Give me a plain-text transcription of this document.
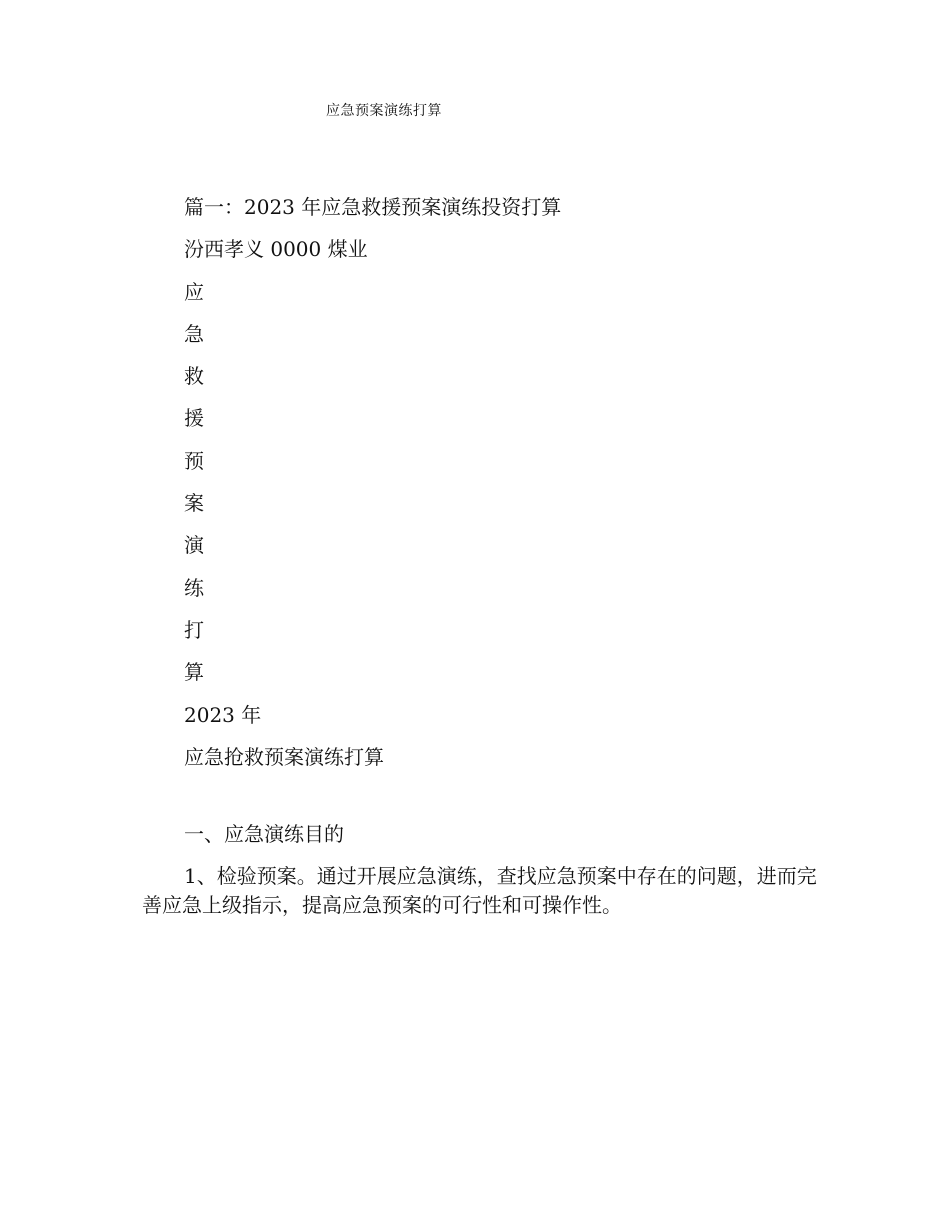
应急预案演练打算
篇一：2023 年应急救援预案演练投资打算
汾西孝义 0000 煤业
应
急
救
援
预
案
演
练
打
算
2023 年
应急抢救预案演练打算
一、应急演练目的
1、检验预案。通过开展应急演练，查找应急预案中存在的问题，进而完善应急上级指示，提高应急预案的可行性和可操作性。
